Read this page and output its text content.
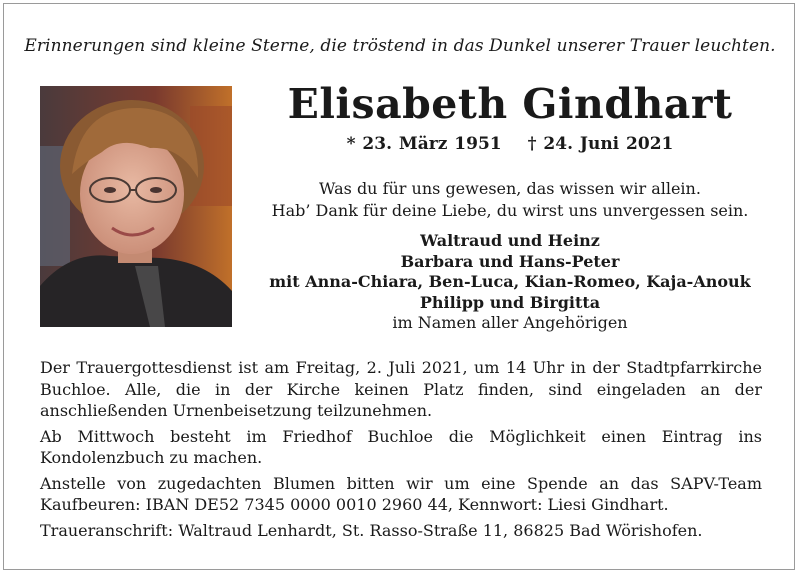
Erinnerungen sind kleine Sterne, die tröstend in das Dunkel unserer Trauer leuchten.
Elisabeth Gindhart
* 23. März 1951 † 24. Juni 2021
Was du für uns gewesen, das wissen wir allein.
Hab’ Dank für deine Liebe, du wirst uns unvergessen sein.
Waltraud und Heinz
Barbara und Hans-Peter
mit Anna-Chiara, Ben-Luca, Kian-Romeo, Kaja-Anouk
Philipp und Birgitta
im Namen aller Angehörigen

Der Trauergottesdienst ist am Freitag, 2. Juli 2021, um 14 Uhr in der Stadtpfarrkirche Buchloe. Alle, die in der Kirche keinen Platz finden, sind eingeladen an der anschließenden Urnenbeisetzung teilzunehmen.

Ab Mittwoch besteht im Friedhof Buchloe die Möglichkeit einen Eintrag ins Kondolenzbuch zu machen.

Anstelle von zugedachten Blumen bitten wir um eine Spende an das SAPV-Team Kaufbeuren: IBAN DE52 7345 0000 0010 2960 44, Kennwort: Liesi Gindhart.

Traueranschrift: Waltraud Lenhardt, St. Rasso-Straße 11, 86825 Bad Wörishofen.
